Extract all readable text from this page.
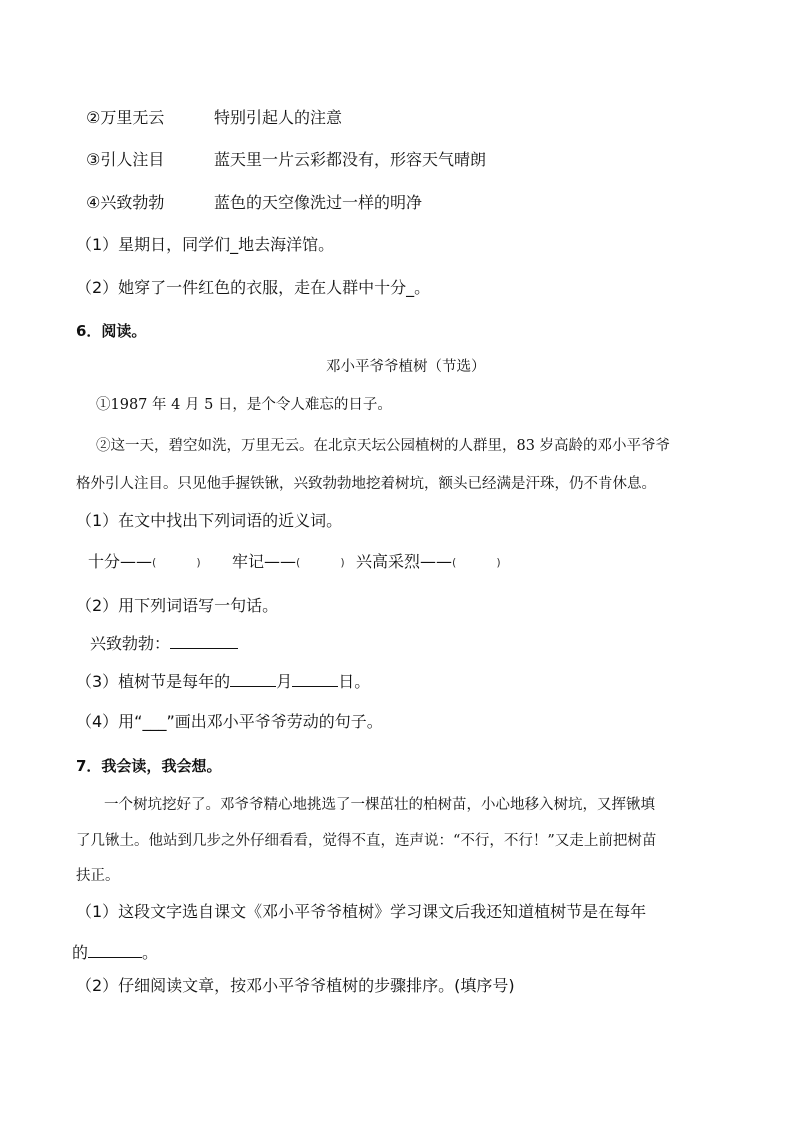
②万里无云	特别引起人的注意
③引人注目	蓝天里一片云彩都没有，形容天气晴朗
④兴致勃勃	蓝色的天空像洗过一样的明净
（1）星期日，同学们_地去海洋馆。
（2）她穿了一件红色的衣服，走在人群中十分_。
6．阅读。
邓小平爷爷植树（节选）
①1987 年 4 月 5 日，是个令人难忘的日子。
②这一天，碧空如洗，万里无云。在北京天坛公园植树的人群里，83 岁高龄的邓小平爷爷
格外引人注目。只见他手握铁锹，兴致勃勃地挖着树坑，额头已经满是汗珠，仍不肯休息。
（1）在文中找出下列词语的近义词。
十分——(	) 牢记——(	) 兴高采烈——(	)
（2）用下列词语写一句话。
兴致勃勃：
（3）植树节是每年的	月	日。
（4）用“___”画出邓小平爷爷劳动的句子。
7．我会读，我会想。
一个树坑挖好了。邓爷爷精心地挑选了一棵茁壮的柏树苗，小心地移入树坑，又挥锹填
了几锹土。他站到几步之外仔细看看，觉得不直，连声说：“不行，不行！”又走上前把树苗
扶正。
（1）这段文字选自课文《邓小平爷爷植树》学习课文后我还知道植树节是在每年
的	。
（2）仔细阅读文章，按邓小平爷爷植树的步骤排序。(填序号)
